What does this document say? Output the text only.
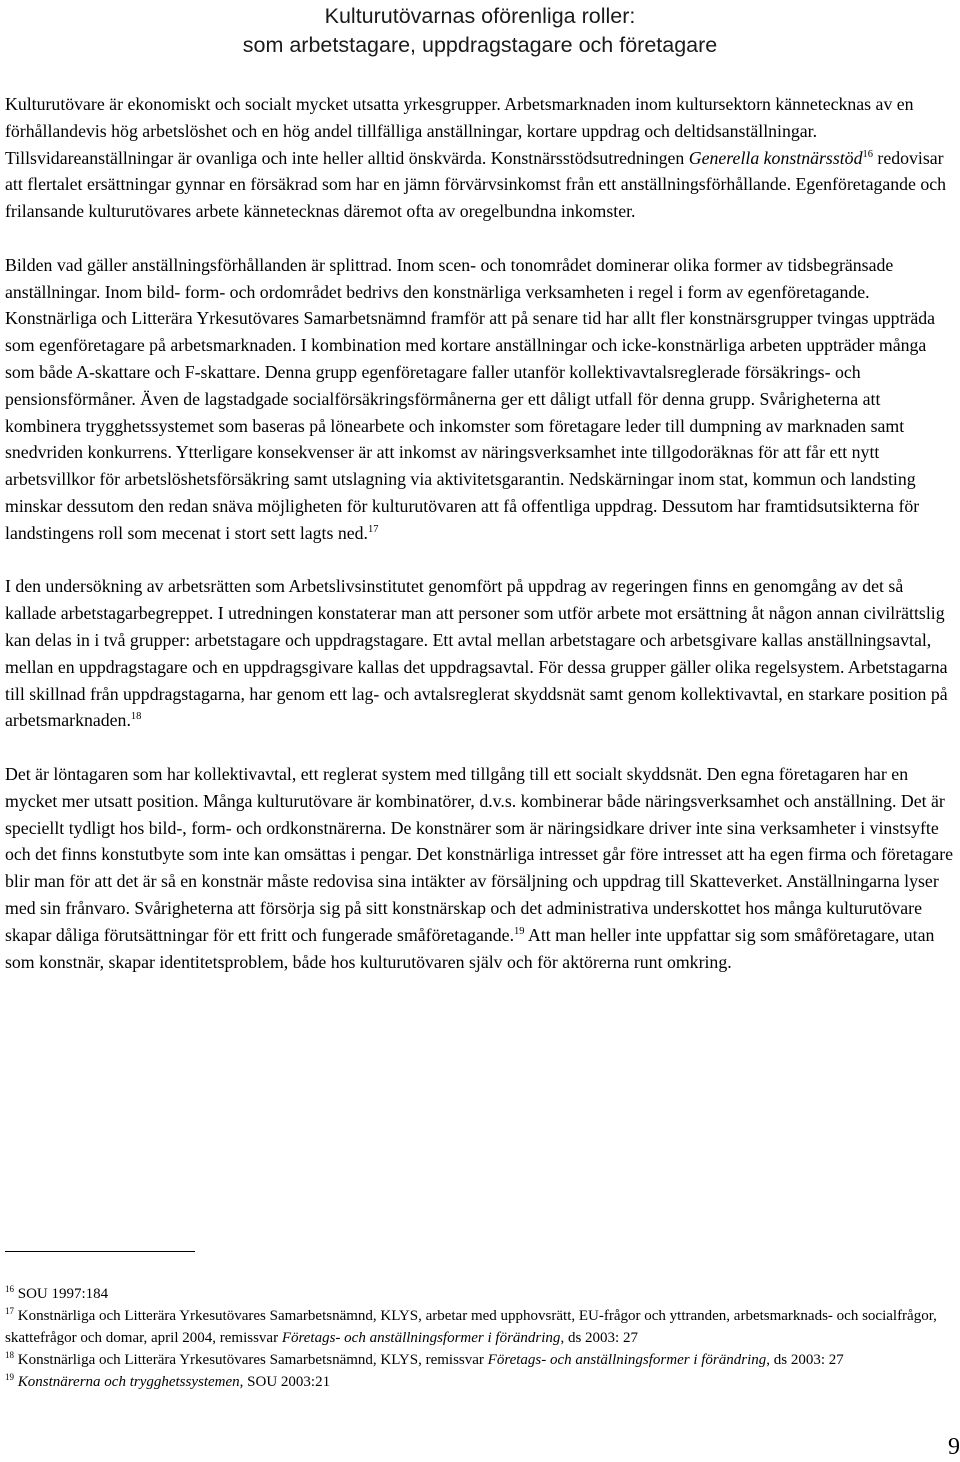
Kulturutövarnas oförenliga roller:
som arbetstagare, uppdragstagare och företagare

Kulturutövare är ekonomiskt och socialt mycket utsatta yrkesgrupper. Arbetsmarknaden inom kultursektorn kännetecknas av en förhållandevis hög arbetslöshet och en hög andel tillfälliga anställningar, kortare uppdrag och deltidsanställningar. Tillsvidareanställningar är ovanliga och inte heller alltid önskvärda. Konstnärsstödsutredningen Generella konstnärsstöd$^{16}$ redovisar att flertalet ersättningar gynnar en försäkrad som har en jämn förvärvsinkomst från ett anställningsförhållande. Egenföretagande och frilansande kulturutövares arbete kännetecknas däremot ofta av oregelbundna inkomster.

Bilden vad gäller anställningsförhållanden är splittrad. Inom scen- och tonområdet dominerar olika former av tidsbegränsade anställningar. Inom bild- form- och ordområdet bedrivs den konstnärliga verksamheten i regel i form av egenföretagande. Konstnärliga och Litterära Yrkesutövares Samarbetsnämnd framför att på senare tid har allt fler konstnärsgrupper tvingas uppträda som egenföretagare på arbetsmarknaden. I kombination med kortare anställningar och icke-konstnärliga arbeten uppträder många som både A-skattare och F-skattare. Denna grupp egenföretagare faller utanför kollektivavtalsreglerade försäkrings- och pensionsförmåner. Även de lagstadgade socialförsäkringsförmånerna ger ett dåligt utfall för denna grupp. Svårigheterna att kombinera trygghetssystemet som baseras på lönearbete och inkomster som företagare leder till dumpning av marknaden samt snedvriden konkurrens. Ytterligare konsekvenser är att inkomst av näringsverksamhet inte tillgodoräknas för att får ett nytt arbetsvillkor för arbetslöshetsförsäkring samt utslagning via aktivitetsgarantin. Nedskärningar inom stat, kommun och landsting minskar dessutom den redan snäva möjligheten för kulturutövaren att få offentliga uppdrag. Dessutom har framtidsutsikterna för landstingens roll som mecenat i stort sett lagts ned.$^{17}$

I den undersökning av arbetsrätten som Arbetslivsinstitutet genomfört på uppdrag av regeringen finns en genomgång av det så kallade arbetstagarbegreppet. I utredningen konstaterar man att personer som utför arbete mot ersättning åt någon annan civilrättslig kan delas in i två grupper: arbetstagare och uppdragstagare. Ett avtal mellan arbetstagare och arbetsgivare kallas anställningsavtal, mellan en uppdragstagare och en uppdragsgivare kallas det uppdragsavtal. För dessa grupper gäller olika regelsystem. Arbetstagarna till skillnad från uppdragstagarna, har genom ett lag- och avtalsreglerat skyddsnät samt genom kollektivavtal, en starkare position på arbetsmarknaden.$^{18}$

Det är löntagaren som har kollektivavtal, ett reglerat system med tillgång till ett socialt skyddsnät. Den egna företagaren har en mycket mer utsatt position. Många kulturutövare är kombinatörer, d.v.s. kombinerar både näringsverksamhet och anställning. Det är speciellt tydligt hos bild-, form- och ordkonstnärerna. De konstnärer som är näringsidkare driver inte sina verksamheter i vinstsyfte och det finns konstutbyte som inte kan omsättas i pengar. Det konstnärliga intresset går före intresset att ha egen firma och företagare blir man för att det är så en konstnär måste redovisa sina intäkter av försäljning och uppdrag till Skatteverket. Anställningarna lyser med sin frånvaro. Svårigheterna att försörja sig på sitt konstnärskap och det administrativa underskottet hos många kulturutövare skapar dåliga förutsättningar för ett fritt och fungerade småföretagande.$^{19}$ Att man heller inte uppfattar sig som småföretagare, utan som konstnär, skapar identitetsproblem, både hos kulturutövaren själv och för aktörerna runt omkring.

$^{16}$ SOU 1997:184

$^{17}$ Konstnärliga och Litterära Yrkesutövares Samarbetsnämnd, KLYS, arbetar med upphovsrätt, EU-frågor och yttranden, arbetsmarknads- och socialfrågor, skattefrågor och domar, april 2004, remissvar Företags- och anställningsformer i förändring, ds 2003: 27

$^{18}$ Konstnärliga och Litterära Yrkesutövares Samarbetsnämnd, KLYS, remissvar Företags- och anställningsformer i förändring, ds 2003: 27

$^{19}$ Konstnärerna och trygghetssystemen, SOU 2003:21

9
